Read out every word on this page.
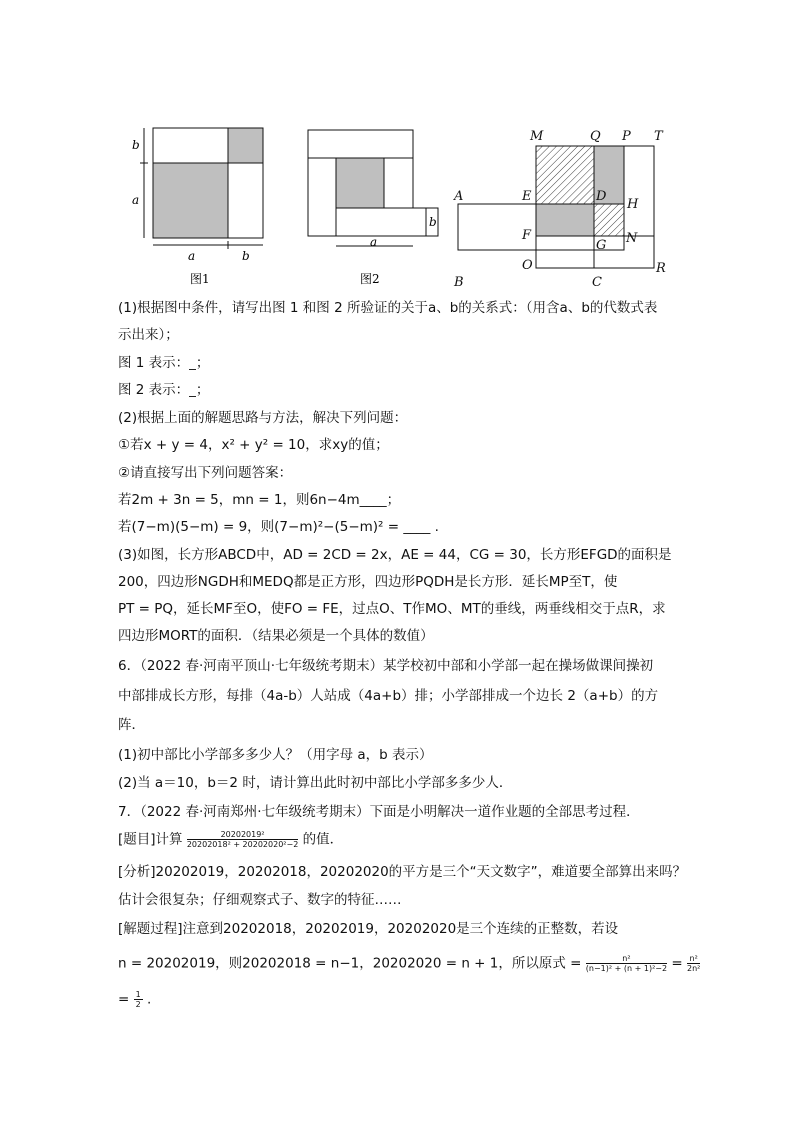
b
a
a	b
图1
b
a
图2
M	Q P T
A	E	D
H
F
G N
O
B	C
R
(1)根据图中条件，请写出图 1 和图 2 所验证的关于a、b的关系式：（用含a、b的代数式表
示出来）；
图 1 表示：_；
图 2 表示：_；
(2)根据上面的解题思路与方法，解决下列问题：
①若x + y = 4，x² + y² = 10，求xy的值；
②请直接写出下列问题答案：
若2m + 3n = 5，mn = 1，则6n−4m____；
若(7−m)(5−m) = 9，则(7−m)²−(5−m)² = ____ .
(3)如图，长方形ABCD中，AD = 2CD = 2x，AE = 44，CG = 30，长方形EFGD的面积是
200，四边形NGDH和MEDQ都是正方形，四边形PQDH是长方形．延长MP至T，使
PT = PQ，延长MF至O，使FO = FE，过点O、T作MO、MT的垂线，两垂线相交于点R，求
四边形MORT的面积．（结果必须是一个具体的数值）
6．（2022 春·河南平顶山·七年级统考期末）某学校初中部和小学部一起在操场做课间操初
中部排成长方形，每排（4a-b）人站成（4a+b）排；小学部排成一个边长 2（a+b）的方
阵．
(1)初中部比小学部多多少人？（用字母 a，b 表示）
(2)当 a＝10，b＝2 时，请计算出此时初中部比小学部多多少人．
7．（2022 春·河南郑州·七年级统考期末）下面是小明解决一道作业题的全部思考过程．
[题目]计算 $\frac{\text{20202019²}}{\text{20202018² + 20202020²−2}}$ 的值．
[分析]20202019，20202018，20202020的平方是三个“天文数字”，难道要全部算出来吗？
估计会很复杂；仔细观察式子、数字的特征……
[解题过程]注意到20202018，20202019，20202020是三个连续的正整数，若设
n = 20202019，则20202018 = n−1，20202020 = n + 1，所以原式 = $\frac{\text{n²}}{\text{(n−1)² + (n + 1)²−2}} = \frac{\text{n²}}{\text{2n²}}$
= $\frac{1}{2}$ .
